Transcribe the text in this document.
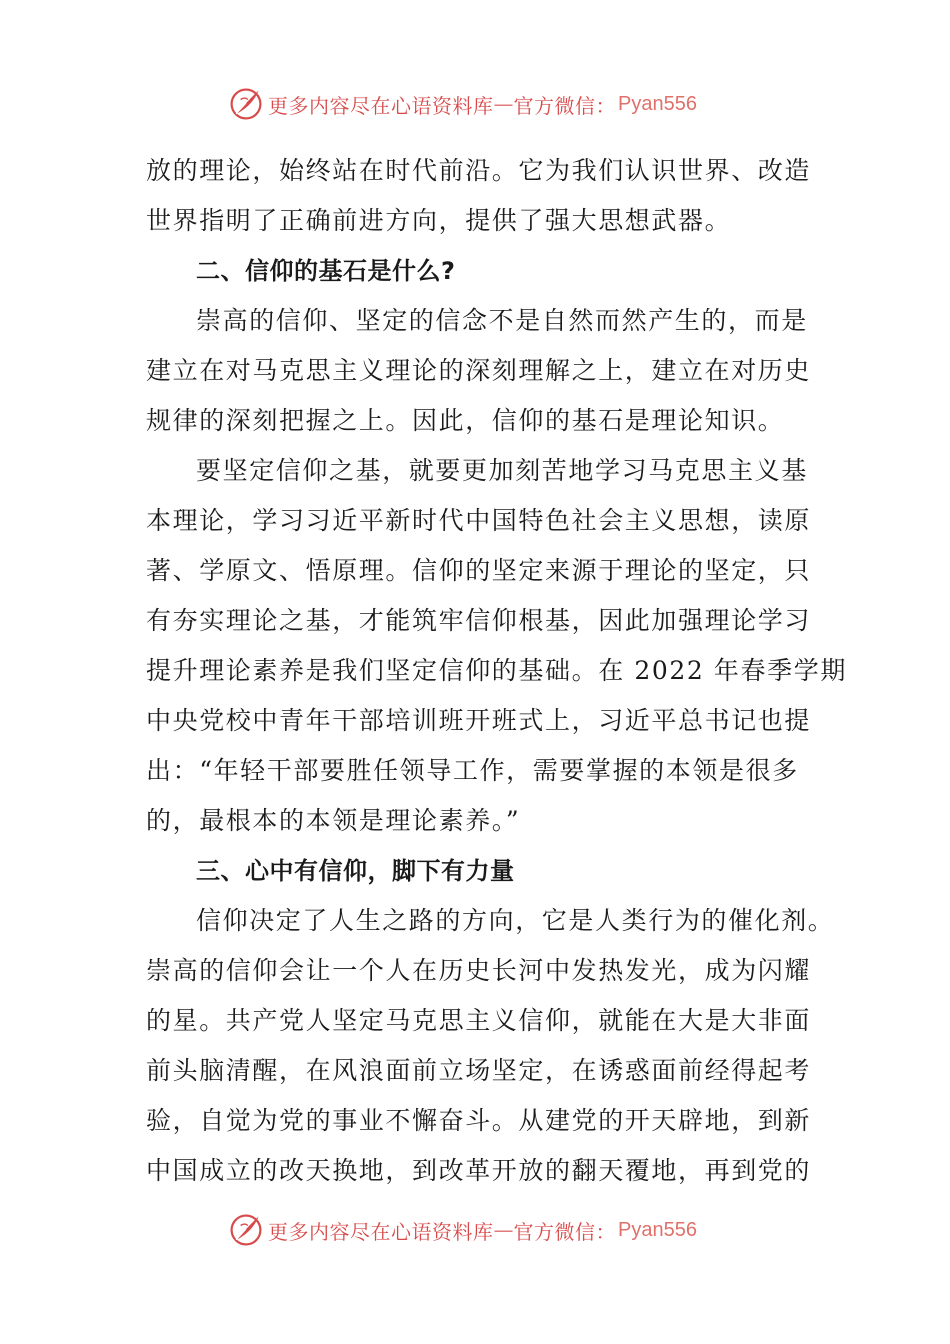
更多内容尽在心语资料库 — 官方微信： Pyan556
放的理论，始终站在时代前沿。它为我们认识世界、改造
世界指明了正确前进方向，提供了强大思想武器。
二、信仰的基石是什么?
崇高的信仰、坚定的信念不是自然而然产生的，而是
建立在对马克思主义理论的深刻理解之上，建立在对历史
规律的深刻把握之上。因此，信仰的基石是理论知识。
要坚定信仰之基，就要更加刻苦地学习马克思主义基
本理论，学习习近平新时代中国特色社会主义思想，读原
著、学原文、悟原理。信仰的坚定来源于理论的坚定，只
有夯实理论之基，才能筑牢信仰根基，因此加强理论学习
提升理论素养是我们坚定信仰的基础。在 2022 年春季学期
中央党校中青年干部培训班开班式上，习近平总书记也提
出：“年轻干部要胜任领导工作，需要掌握的本领是很多
的，最根本的本领是理论素养。”
三、心中有信仰，脚下有力量
信仰决定了人生之路的方向，它是人类行为的催化剂。
崇高的信仰会让一个人在历史长河中发热发光，成为闪耀
的星。共产党人坚定马克思主义信仰，就能在大是大非面
前头脑清醒，在风浪面前立场坚定，在诱惑面前经得起考
验，自觉为党的事业不懈奋斗。从建党的开天辟地，到新
中国成立的改天换地，到改革开放的翻天覆地，再到党的
更多内容尽在心语资料库 — 官方微信： Pyan556
